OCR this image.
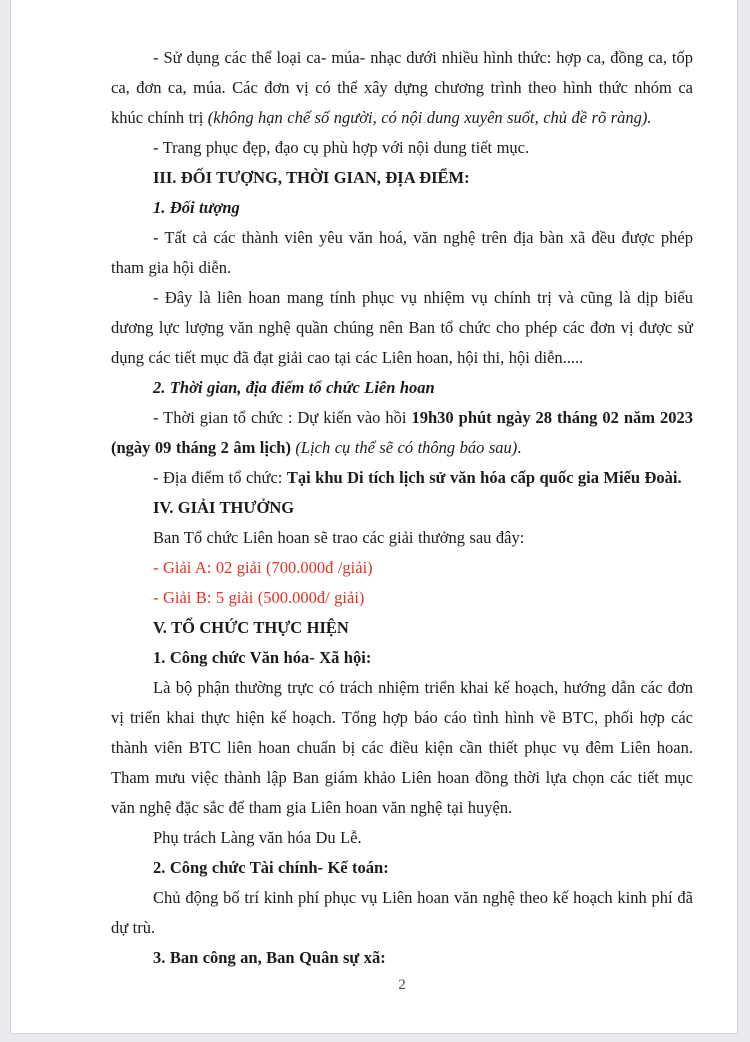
- Sử dụng các thể loại ca- múa- nhạc dưới nhiều hình thức: hợp ca, đồng ca, tốp ca, đơn ca, múa. Các đơn vị có thể xây dựng chương trình theo hình thức nhóm ca khúc chính trị (không hạn chế số người, có nội dung xuyên suốt, chủ đề rõ ràng).

- Trang phục đẹp, đạo cụ phù hợp với nội dung tiết mục.

III. ĐỐI TƯỢNG, THỜI GIAN, ĐỊA ĐIỂM:

1. Đối tượng

- Tất cả các thành viên yêu văn hoá, văn nghệ trên địa bàn xã đều được phép tham gia hội diễn.

- Đây là liên hoan mang tính phục vụ nhiệm vụ chính trị và cũng là dịp biểu dương lực lượng văn nghệ quần chúng nên Ban tổ chức cho phép các đơn vị được sử dụng các tiết mục đã đạt giải cao tại các Liên hoan, hội thi, hội diễn.....

2. Thời gian, địa điểm tổ chức Liên hoan

- Thời gian tổ chức : Dự kiến vào hồi 19h30 phút ngày 28 tháng 02 năm 2023 (ngày 09 tháng 2 âm lịch) (Lịch cụ thể sẽ có thông báo sau).

- Địa điểm tổ chức: Tại khu Di tích lịch sử văn hóa cấp quốc gia Miếu Đoài.

IV. GIẢI THƯỞNG

Ban Tổ chức Liên hoan sẽ trao các giải thưởng sau đây:

- Giải A: 02 giải (700.000đ /giải)

- Giải B: 5 giải (500.000đ/ giải)

V. TỔ CHỨC THỰC HIỆN

1. Công chức Văn hóa- Xã hội:

Là bộ phận thường trực có trách nhiệm triển khai kế hoạch, hướng dẫn các đơn vị triển khai thực hiện kế hoạch. Tổng hợp báo cáo tình hình về BTC, phối hợp các thành viên BTC liên hoan chuẩn bị các điều kiện cần thiết phục vụ đêm Liên hoan. Tham mưu việc thành lập Ban giám khảo Liên hoan đồng thời lựa chọn các tiết mục văn nghệ đặc sắc để tham gia Liên hoan văn nghệ tại huyện.

Phụ trách Làng văn hóa Du Lễ.

2. Công chức Tài chính- Kế toán:

Chủ động bố trí kinh phí phục vụ Liên hoan văn nghệ theo kế hoạch kinh phí đã dự trù.

3. Ban công an, Ban Quân sự xã:

2
